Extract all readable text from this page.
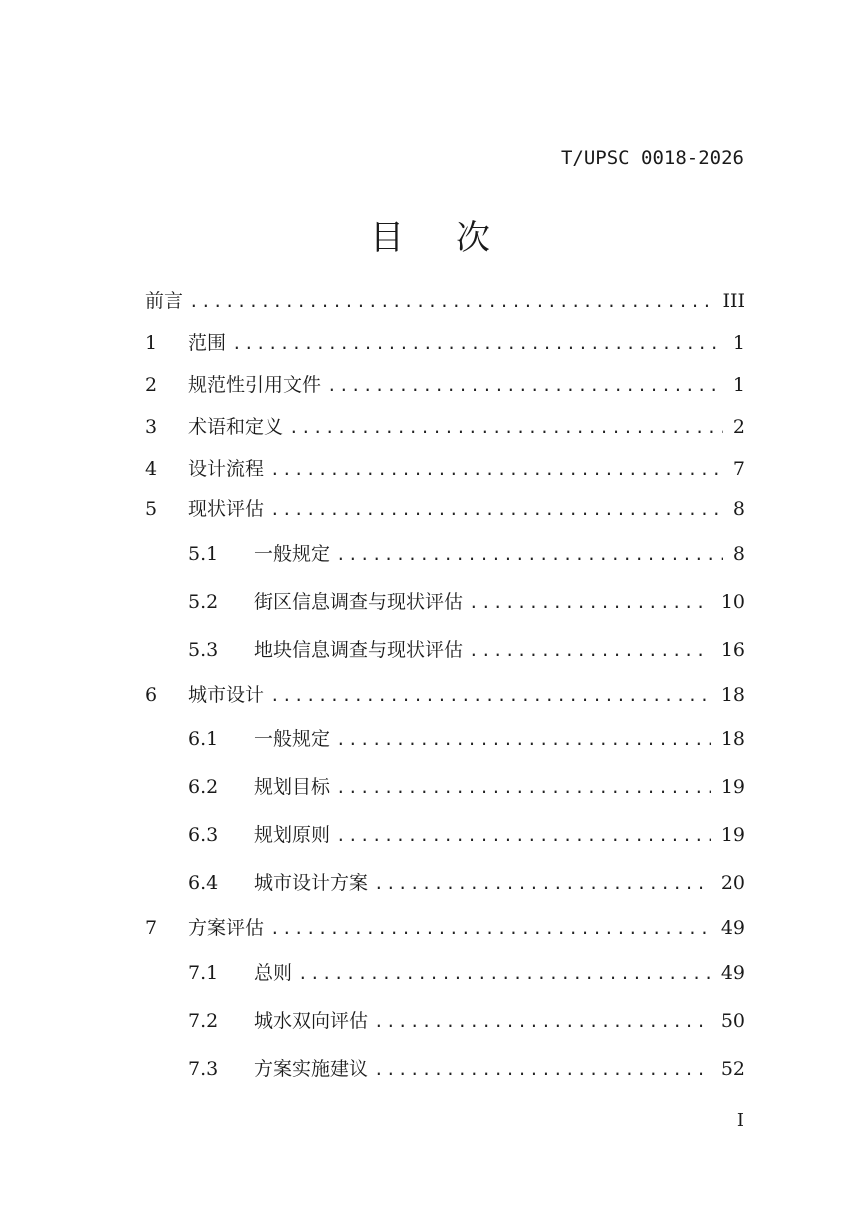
T/UPSC 0018-2026
目 次
前言 .....	III
1	范围 .....	1
2	规范性引用文件 .....	1
3	术语和定义 .....	2
4	设计流程 .....	7
5	现状评估 .....	8
5.1	一般规定 .....	8
5.2	街区信息调查与现状评估 .....	10
5.3	地块信息调查与现状评估 .....	16
6	城市设计 .....	18
6.1	一般规定 .....	18
6.2	规划目标 .....	19
6.3	规划原则 .....	19
6.4	城市设计方案 .....	20
7	方案评估 .....	49
7.1	总则 .....	49
7.2	城水双向评估 .....	50
7.3	方案实施建议 .....	52
I
